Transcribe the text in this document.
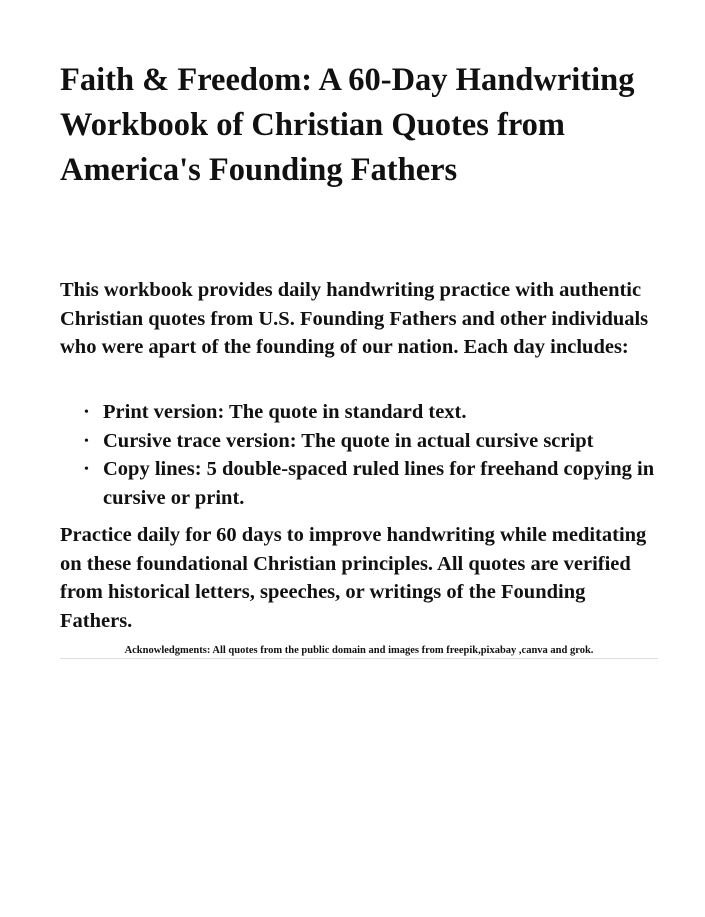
Faith & Freedom: A 60-Day Handwriting Workbook of Christian Quotes from America's Founding Fathers

This workbook provides daily handwriting practice with authentic Christian quotes from U.S. Founding Fathers and other individuals who were apart of the founding of our nation. Each day includes:

• Print version: The quote in standard text.
• Cursive trace version: The quote in actual cursive script
• Copy lines: 5 double-spaced ruled lines for freehand copying in cursive or print.

Practice daily for 60 days to improve handwriting while meditating on these foundational Christian principles. All quotes are verified from historical letters, speeches, or writings of the Founding Fathers.

Acknowledgments: All quotes from the public domain and images from freepik,pixabay ,canva and grok.
